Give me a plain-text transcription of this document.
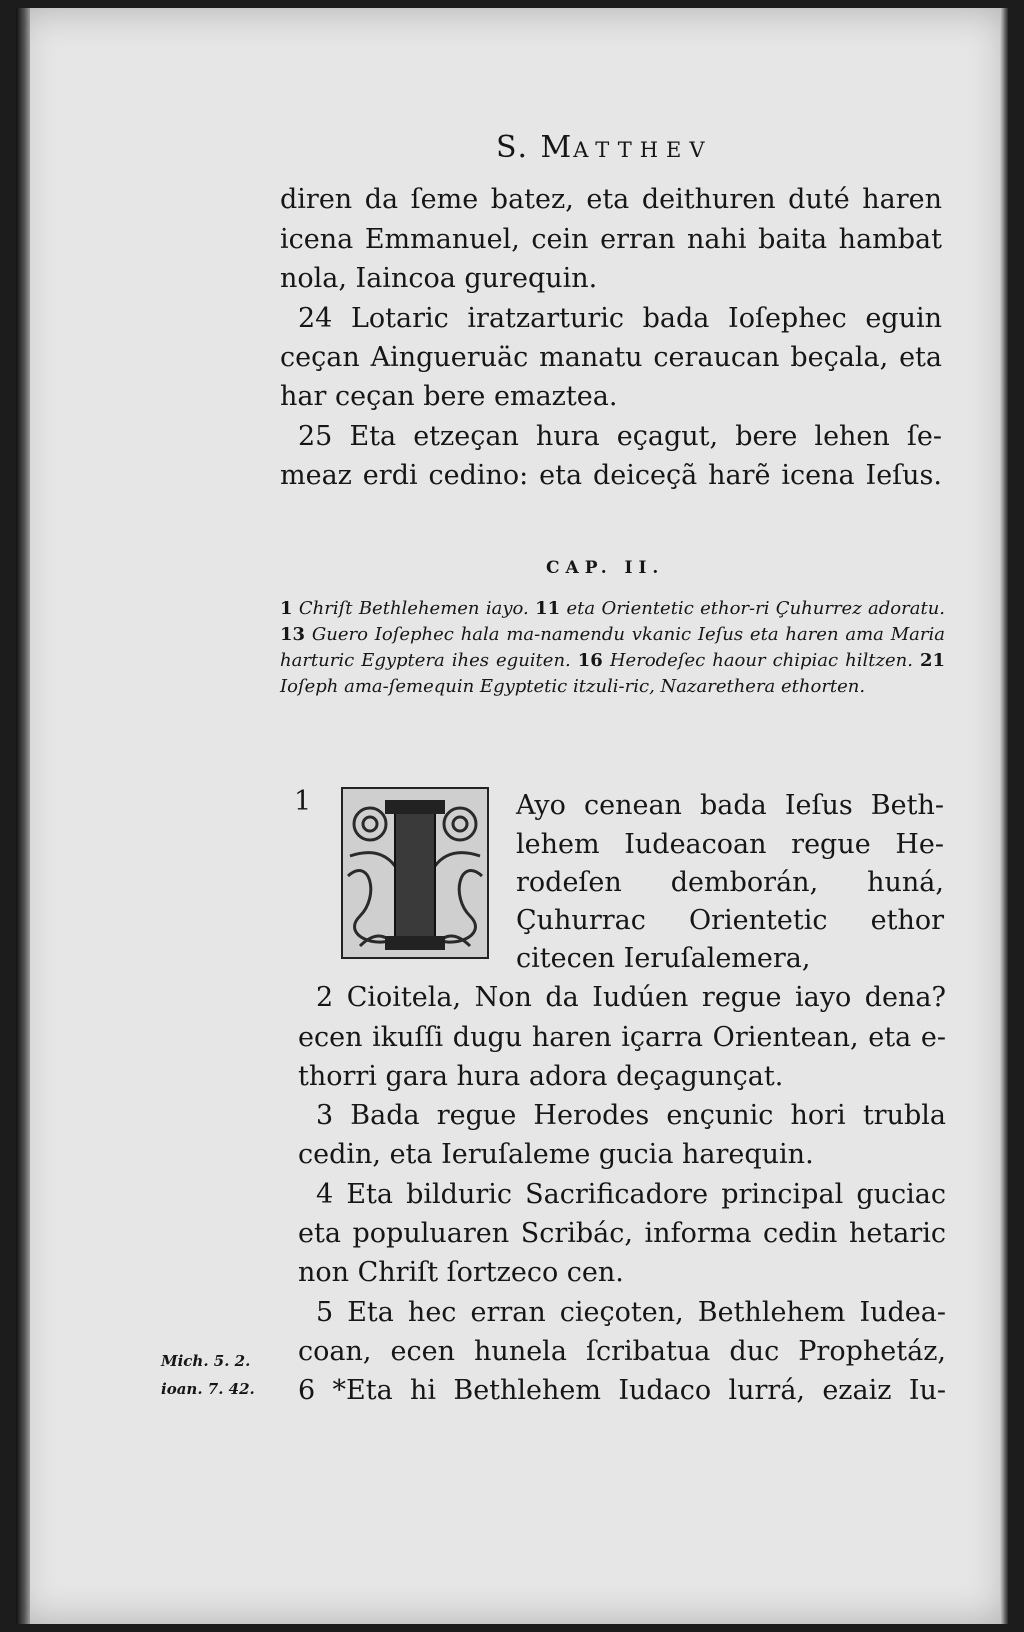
S. MATTHEV
diren da ſeme batez, eta deithuren duté haren
icena Emmanuel, cein erran nahi baita hambat
nola, Iaincoa gurequin.
24 Lotaric iratzarturic bada Ioſephec eguin
ceçan Aingueruäc manatu ceraucan beçala, eta
har ceçan bere emaztea.
25 Eta etzeçan hura eçagut, bere lehen ſe-
meaz erdi cedino: eta deiceçã harẽ icena Ieſus.
CAP. II.
1 Chriſt Bethlehemen iayo. 11 eta Orientetic ethor-ri Çuhurrez adoratu. 13 Guero Ioſephec hala ma-namendu vkanic Ieſus eta haren ama Maria harturic Egyptera ihes eguiten. 16 Herodeſec haour chipiac hiltzen. 21 Ioſeph ama-ſemequin Egyptetic itzuli-ric, Nazarethera ethorten.
1	Ayo cenean bada Ieſus Beth-
lehem Iudeacoan regue He-
rodeſen demborán, huná,
Çuhurrac Orientetic ethor
citecen Ieruſalemera,
2 Cioitela, Non da Iudúen regue iayo dena?
ecen ikuſſi dugu haren içarra Orientean, eta e-
thorri gara hura adora deçagunçat.
3 Bada regue Herodes ençunic hori trubla
cedin, eta Ieruſaleme gucia harequin.
4 Eta bilduric Sacrificadore principal guciac
eta populuaren Scribác, informa cedin hetaric
non Chriſt ſortzeco cen.
5 Eta hec erran cieçoten, Bethlehem Iudea-
coan, ecen hunela ſcribatua duc Prophetáz,
6 *Eta hi Bethlehem Iudaco lurrá, ezaiz Iu-
Mich. 5. 2.
ioan. 7. 42.
